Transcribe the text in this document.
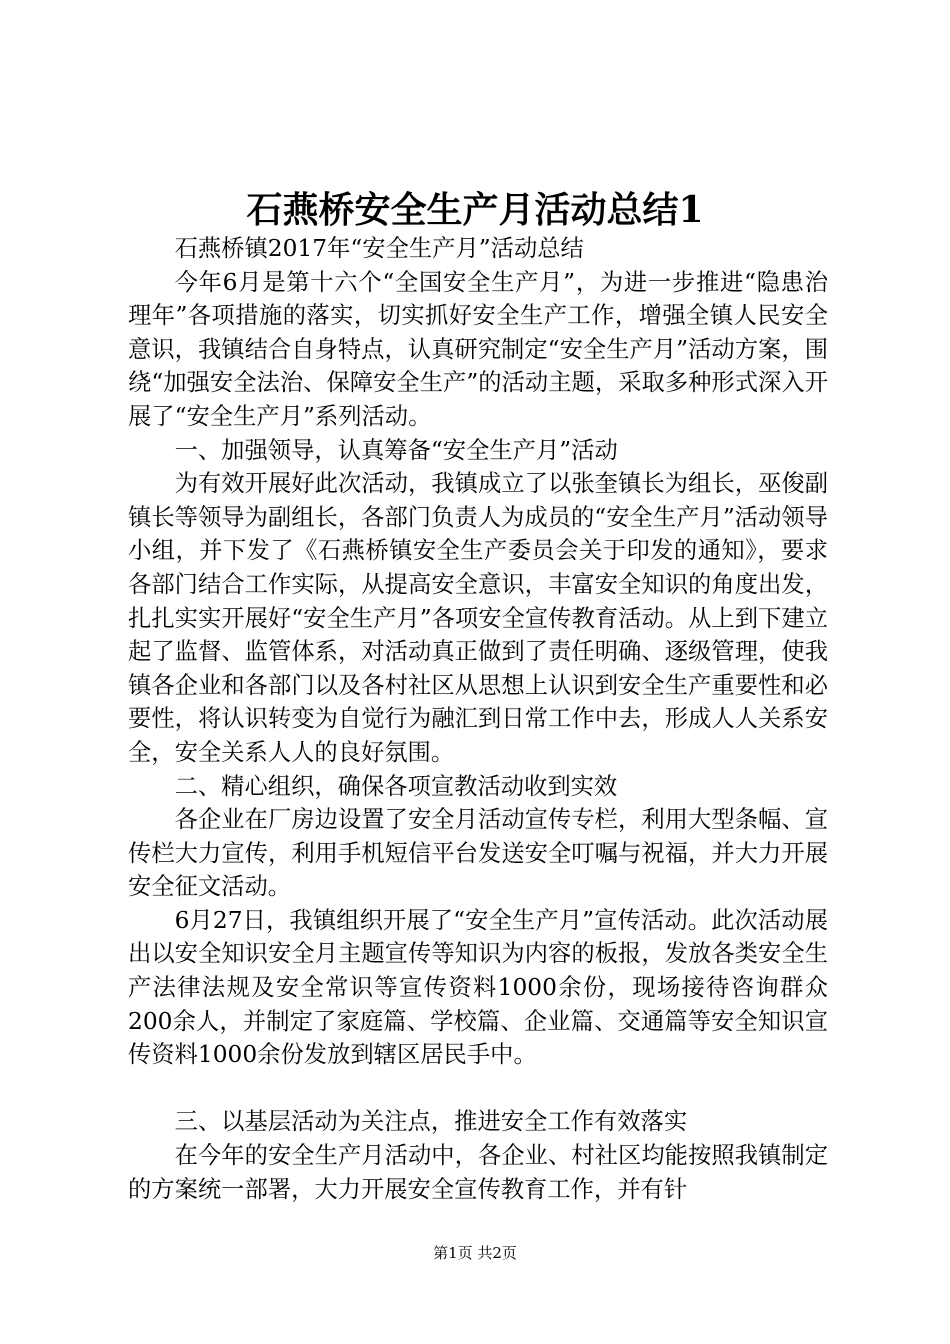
石燕桥安全生产月活动总结1

石燕桥镇2017年“安全生产月”活动总结

今年6月是第十六个“全国安全生产月”，为进一步推进“隐患治理年”各项措施的落实，切实抓好安全生产工作，增强全镇人民安全意识，我镇结合自身特点，认真研究制定“安全生产月”活动方案，围绕“加强安全法治、保障安全生产”的活动主题，采取多种形式深入开展了“安全生产月”系列活动。

一、加强领导，认真筹备“安全生产月”活动

为有效开展好此次活动，我镇成立了以张奎镇长为组长，巫俊副镇长等领导为副组长，各部门负责人为成员的“安全生产月”活动领导小组，并下发了《石燕桥镇安全生产委员会关于印发的通知》，要求各部门结合工作实际，从提高安全意识，丰富安全知识的角度出发，扎扎实实开展好“安全生产月”各项安全宣传教育活动。从上到下建立起了监督、监管体系，对活动真正做到了责任明确、逐级管理，使我镇各企业和各部门以及各村社区从思想上认识到安全生产重要性和必要性，将认识转变为自觉行为融汇到日常工作中去，形成人人关系安全，安全关系人人的良好氛围。

二、精心组织，确保各项宣教活动收到实效

各企业在厂房边设置了安全月活动宣传专栏，利用大型条幅、宣传栏大力宣传，利用手机短信平台发送安全叮嘱与祝福，并大力开展安全征文活动。

6月27日，我镇组织开展了“安全生产月”宣传活动。此次活动展出以安全知识安全月主题宣传等知识为内容的板报，发放各类安全生产法律法规及安全常识等宣传资料1000余份，现场接待咨询群众200余人，并制定了家庭篇、学校篇、企业篇、交通篇等安全知识宣传资料1000余份发放到辖区居民手中。

三、以基层活动为关注点，推进安全工作有效落实

在今年的安全生产月活动中，各企业、村社区均能按照我镇制定的方案统一部署，大力开展安全宣传教育工作，并有针

第1页 共2页
